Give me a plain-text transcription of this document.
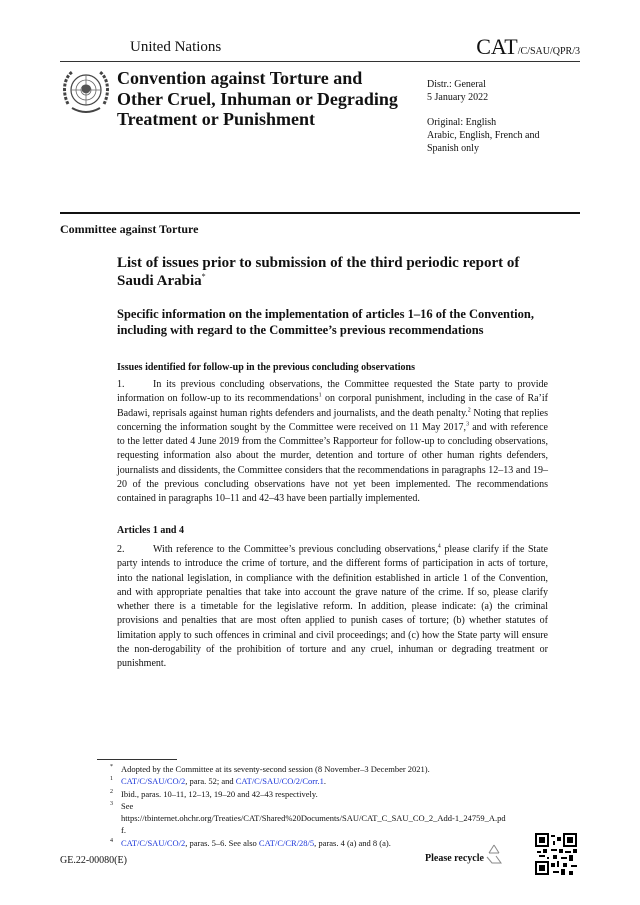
United Nations	CAT/C/SAU/QPR/3
Convention against Torture and Other Cruel, Inhuman or Degrading Treatment or Punishment
Distr.: General
5 January 2022
Original: English
Arabic, English, French and Spanish only
Committee against Torture
List of issues prior to submission of the third periodic report of Saudi Arabia*
Specific information on the implementation of articles 1–16 of the Convention, including with regard to the Committee’s previous recommendations
Issues identified for follow-up in the previous concluding observations
1.	In its previous concluding observations, the Committee requested the State party to provide information on follow-up to its recommendations$^1$ on corporal punishment, including in the case of Ra’if Badawi, reprisals against human rights defenders and journalists, and the death penalty.$^2$ Noting that replies concerning the information sought by the Committee were received on 11 May 2017,$^3$ and with reference to the letter dated 4 June 2019 from the Committee’s Rapporteur for follow-up to concluding observations, requesting information also about the murder, detention and torture of other human rights defenders, journalists and dissidents, the Committee considers that the recommendations in paragraphs 12–13 and 19–20 of the previous concluding observations have not yet been implemented. The recommendations contained in paragraphs 10–11 and 42–43 have been partially implemented.
Articles 1 and 4
2.	With reference to the Committee’s previous concluding observations,$^4$ please clarify if the State party intends to introduce the crime of torture, and the different forms of participation in acts of torture, into the national legislation, in compliance with the definition established in article 1 of the Convention, and with appropriate penalties that take into account the grave nature of the crime. If so, please clarify whether there is a timetable for the legislative reform. In addition, please indicate: (a) the criminal provisions and penalties that are most often applied to punish cases of torture; (b) whether statutes of limitation apply to such offences in criminal and civil proceedings; and (c) how the State party will ensure the non-derogability of the prohibition of torture and any cruel, inhuman or degrading treatment or punishment.
* Adopted by the Committee at its seventy-second session (8 November–3 December 2021).
1 CAT/C/SAU/CO/2, para. 52; and CAT/C/SAU/CO/2/Corr.1.
2 Ibid., paras. 10–11, 12–13, 19–20 and 42–43 respectively.
3 See
https://tbinternet.ohchr.org/Treaties/CAT/Shared%20Documents/SAU/CAT_C_SAU_CO_2_Add-1_24759_A.pdf.
4 CAT/C/SAU/CO/2, paras. 5–6. See also CAT/C/CR/28/5, paras. 4 (a) and 8 (a).
GE.22-00080(E)	Please recycle
